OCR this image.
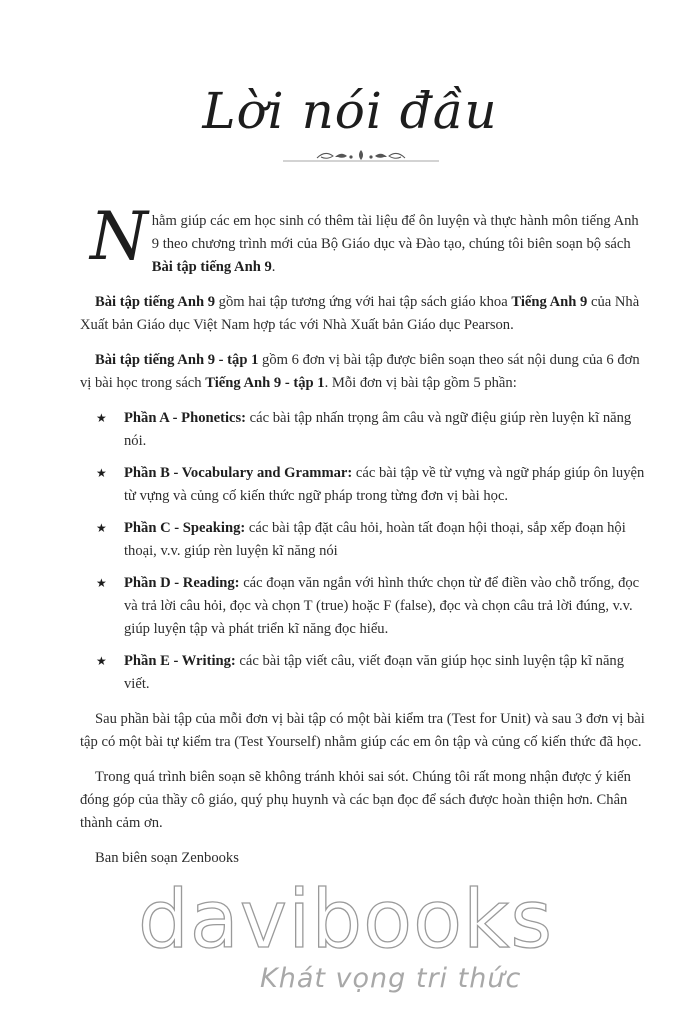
Lời nói đầu

Nhằm giúp các em học sinh có thêm tài liệu để ôn luyện và thực hành môn tiếng Anh 9 theo chương trình mới của Bộ Giáo dục và Đào tạo, chúng tôi biên soạn bộ sách Bài tập tiếng Anh 9.

Bài tập tiếng Anh 9 gồm hai tập tương ứng với hai tập sách giáo khoa Tiếng Anh 9 của Nhà Xuất bản Giáo dục Việt Nam hợp tác với Nhà Xuất bản Giáo dục Pearson.

Bài tập tiếng Anh 9 - tập 1 gồm 6 đơn vị bài tập được biên soạn theo sát nội dung của 6 đơn vị bài học trong sách Tiếng Anh 9 - tập 1. Mỗi đơn vị bài tập gồm 5 phần:

★ Phần A - Phonetics: các bài tập nhấn trọng âm câu và ngữ điệu giúp rèn luyện kĩ năng nói.
★ Phần B - Vocabulary and Grammar: các bài tập về từ vựng và ngữ pháp giúp ôn luyện từ vựng và củng cố kiến thức ngữ pháp trong từng đơn vị bài học.
★ Phần C - Speaking: các bài tập đặt câu hỏi, hoàn tất đoạn hội thoại, sắp xếp đoạn hội thoại, v.v. giúp rèn luyện kĩ năng nói
★ Phần D - Reading: các đoạn văn ngắn với hình thức chọn từ để điền vào chỗ trống, đọc và trả lời câu hỏi, đọc và chọn T (true) hoặc F (false), đọc và chọn câu trả lời đúng, v.v. giúp luyện tập và phát triển kĩ năng đọc hiểu.
★ Phần E - Writing: các bài tập viết câu, viết đoạn văn giúp học sinh luyện tập kĩ năng viết.

Sau phần bài tập của mỗi đơn vị bài tập có một bài kiểm tra (Test for Unit) và sau 3 đơn vị bài tập có một bài tự kiểm tra (Test Yourself) nhằm giúp các em ôn tập và củng cố kiến thức đã học.

Trong quá trình biên soạn sẽ không tránh khỏi sai sót. Chúng tôi rất mong nhận được ý kiến đóng góp của thầy cô giáo, quý phụ huynh và các bạn đọc để sách được hoàn thiện hơn. Chân thành cảm ơn.

Ban biên soạn Zenbooks

davibooks
Khát vọng tri thức
